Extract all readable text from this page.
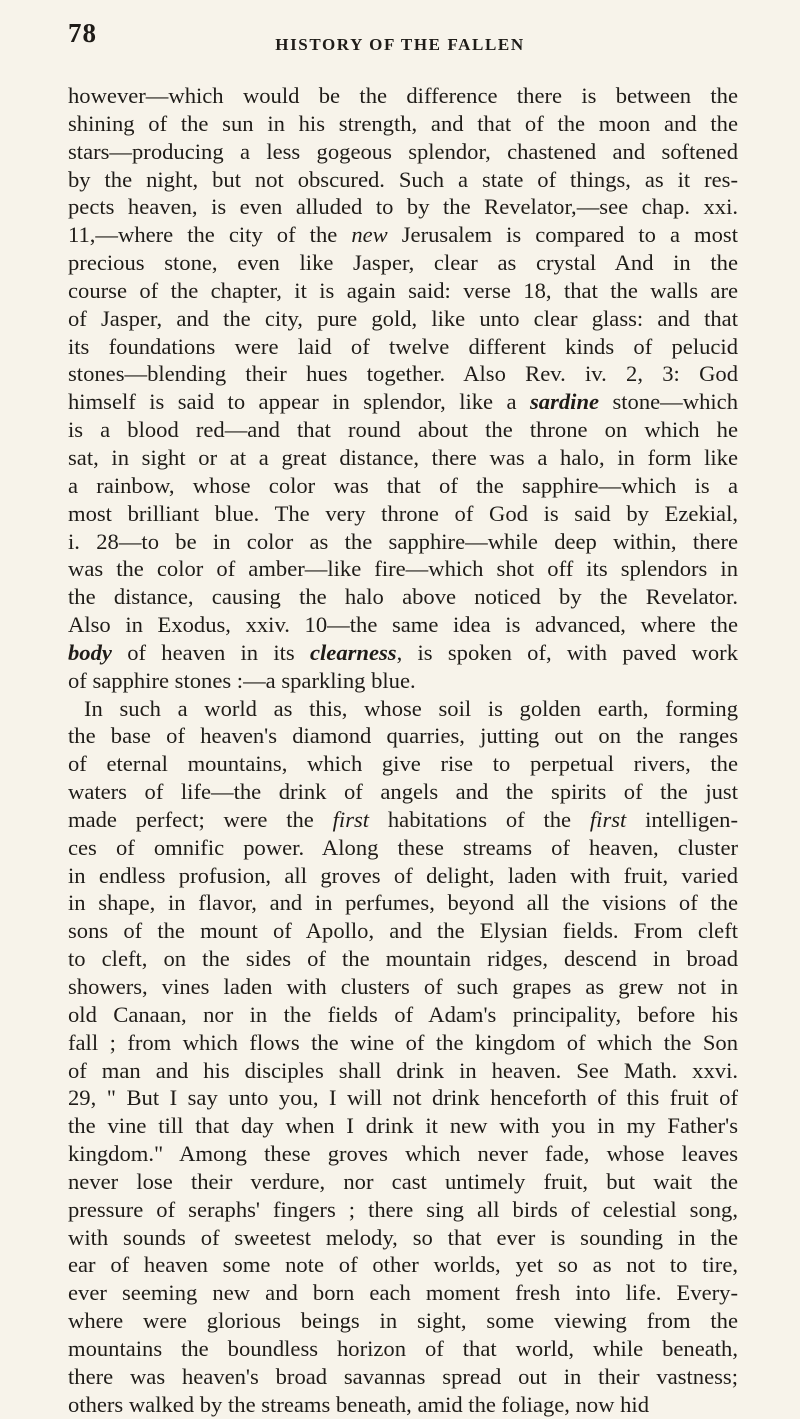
78	HISTORY OF THE FALLEN
however—which would be the difference there is between the
shining of the sun in his strength, and that of the moon and the
stars—producing a less gogeous splendor, chastened and softened
by the night, but not obscured. Such a state of things, as it res-
pects heaven, is even alluded to by the Revelator,—see chap. xxi.
11,—where the city of the new Jerusalem is compared to a most
precious stone, even like Jasper, clear as crystal And in the
course of the chapter, it is again said: verse 18, that the walls are
of Jasper, and the city, pure gold, like unto clear glass: and that
its foundations were laid of twelve different kinds of pelucid
stones—blending their hues together. Also Rev. iv. 2, 3: God
himself is said to appear in splendor, like a sardine stone—which
is a blood red—and that round about the throne on which he
sat, in sight or at a great distance, there was a halo, in form like
a rainbow, whose color was that of the sapphire—which is a
most brilliant blue. The very throne of God is said by Ezekial,
i. 28—to be in color as the sapphire—while deep within, there
was the color of amber—like fire—which shot off its splendors in
the distance, causing the halo above noticed by the Revelator.
Also in Exodus, xxiv. 10—the same idea is advanced, where the
body of heaven in its clearness, is spoken of, with paved work
of sapphire stones :—a sparkling blue.
In such a world as this, whose soil is golden earth, forming
the base of heaven's diamond quarries, jutting out on the ranges
of eternal mountains, which give rise to perpetual rivers, the
waters of life—the drink of angels and the spirits of the just
made perfect; were the first habitations of the first intelligen-
ces of omnific power. Along these streams of heaven, cluster
in endless profusion, all groves of delight, laden with fruit, varied
in shape, in flavor, and in perfumes, beyond all the visions of the
sons of the mount of Apollo, and the Elysian fields. From cleft
to cleft, on the sides of the mountain ridges, descend in broad
showers, vines laden with clusters of such grapes as grew not in
old Canaan, nor in the fields of Adam's principality, before his
fall ; from which flows the wine of the kingdom of which the Son
of man and his disciples shall drink in heaven. See Math. xxvi.
29, " But I say unto you, I will not drink henceforth of this fruit of
the vine till that day when I drink it new with you in my Father's
kingdom." Among these groves which never fade, whose leaves
never lose their verdure, nor cast untimely fruit, but wait the
pressure of seraphs' fingers ; there sing all birds of celestial song,
with sounds of sweetest melody, so that ever is sounding in the
ear of heaven some note of other worlds, yet so as not to tire,
ever seeming new and born each moment fresh into life. Every-
where were glorious beings in sight, some viewing from the
mountains the boundless horizon of that world, while beneath,
there was heaven's broad savannas spread out in their vastness;
others walked by the streams beneath, amid the foliage, now hid
